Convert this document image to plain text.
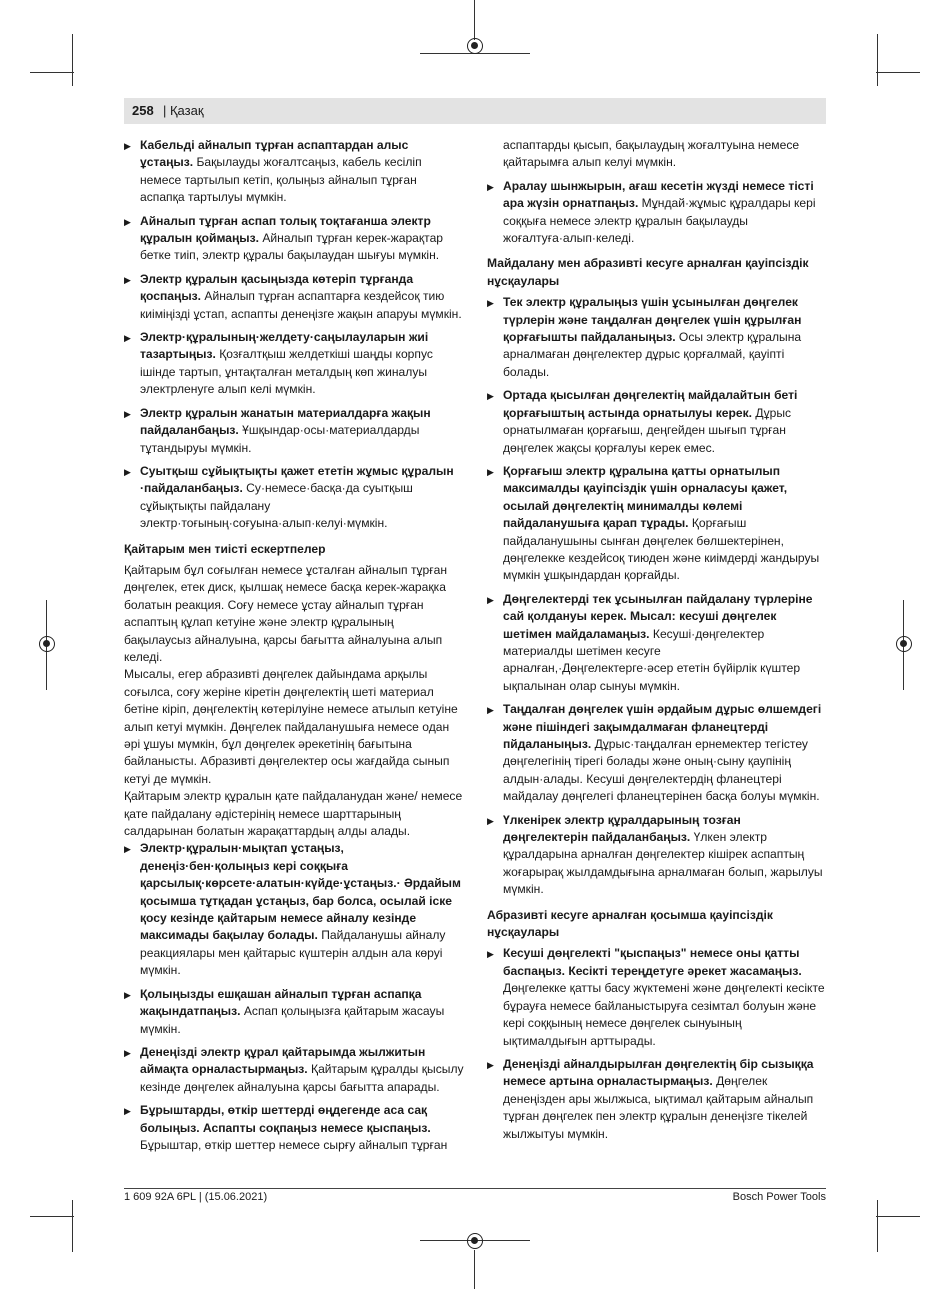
258 | Қазақ
▶ Кабельді айналып тұрған аспаптардан алыс ұстаңыз. Бақылауды жоғалтсаңыз, кабель кесіліп немесе тартылып кетіп, қолыңыз айналып тұрған аспапқа тартылуы мүмкін.
▶ Айналып тұрған аспап толық тоқтағанша электр құралын қоймаңыз. Айналып тұрған керек-жарақтар бетке тиіп, электр құралы бақылаудан шығуы мүмкін.
▶ Электр құралын қасыңызда көтеріп тұрғанда қоспаңыз. Айналып тұрған аспаптарға кездейсоқ тию киіміңізді ұстап, аспапты денеңізге жақын апаруы мүмкін.
▶ Электр·құралының·желдету·саңылауларын жиі тазартыңыз. Қозғалтқыш желдеткіші шаңды корпус ішінде тартып, ұнтақталған металдың көп жиналуы электрленуге алып келі мүмкін.
▶ Электр құралын жанатын материалдарға жақын пайдаланбаңыз. Ұшқындар·осы·материалдарды тұтандыруы мүмкін.
▶ Суытқыш сұйықтықты қажет ететін жұмыс құралын ·пайдаланбаңыз. Су·немесе·басқа·да суытқыш сұйықтықты пайдалану электр·тоғының·соғуына·алып·келуі·мүмкін.
Қайтарым мен тиісті ескертпелер

Қайтарым бұл соғылған немесе ұсталған айналып тұрған дөңгелек, етек диск, қылшақ немесе басқа керек-жарақка болатын реакция. Соғу немесе ұстау айналып тұрған аспаптың құлап кетуіне және электр құралының бақылаусыз айналуына, қарсы бағытта айналуына алып келеді.

Мысалы, егер абразивті дөңгелек дайындама арқылы соғылса, соғу жеріне кіретін дөңгелектің шеті материал бетіне кіріп, дөңгелектің көтерілуіне немесе атылып кетуіне алып кетуі мүмкін. Дөңгелек пайдаланушыға немесе одан әрі ұшуы мүмкін, бұл дөңгелек әрекетінің бағытына байланысты. Абразивті дөңгелектер осы жағдайда сынып кетуі де мүмкін.

Қайтарым электр құралын қате пайдаланудан және/ немесе қате пайдалану әдістерінің немесе шарттарының салдарынан болатын жарақаттардың алды алады.

▶ Электр·құралын·мықтап ұстаңыз, денеңіз·бен·қолыңыз кері соққыға қарсылық·көрсете·алатын·күйде·ұстаңыз.· Әрдайым қосымша тұтқадан ұстаңыз, бар болса, осылай іске қосу кезінде қайтарым немесе айналу кезінде максимады бақылау болады. Пайдаланушы айналу реакциялары мен қайтарыс күштерін алдын ала көруі мүмкін.
▶ Қолыңызды ешқашан айналып тұрған аспапқа жақындатпаңыз. Аспап қолыңызға қайтарым жасауы мүмкін.
▶ Денеңізді электр құрал қайтарымда жылжитын аймақта орналастырмаңыз. Қайтарым құралды қысылу кезінде дөңгелек айналуына қарсы бағытта апарады.
▶ Бұрыштарды, өткір шеттерді өңдегенде аса сақ болыңыз. Аспапты соқпаңыз немесе қыспаңыз. Бұрыштар, өткір шеттер немесе сырғу айналып тұрған
аспаптарды қысып, бақылаудың жоғалтуына немесе қайтарымға алып келуі мүмкін.
▶ Аралау шынжырын, ағаш кесетін жүзді немесе тісті ара жүзін орнатпаңыз. Мұндай·жұмыс құралдары кері соққыға немесе электр құралын бақылауды жоғалтуға·алып·келеді.
Майдалану мен абразивті кесуге арналған қауіпсіздік нұсқаулары
▶ Тек электр құралыңыз үшін ұсынылған дөңгелек түрлерін және таңдалған дөңгелек үшін құрылған қорғағышты пайдаланыңыз. Осы электр құралына арналмаған дөңгелектер дұрыс қорғалмай, қауіпті болады.
▶ Ортада қысылған дөңгелектің майдалайтын беті қорғағыштың астында орнатылуы керек. Дұрыс орнатылмаған қорғағыш, деңгейден шығып тұрған дөңгелек жақсы қорғалуы керек емес.
▶ Қорғағыш электр құралына қатты орнатылып максималды қауіпсіздік үшін орналасуы қажет, осылай дөңгелектің минималды көлемі пайдаланушыға қарап тұрады. Қорғағыш пайдаланушыны сынған дөңгелек бөлшектерінен, дөңгелекке кездейсоқ тиюден және киімдерді жандыруы мүмкін ұшқындардан қорғайды.
▶ Дөңгелектерді тек ұсынылған пайдалану түрлеріне сай қолдануы керек. Мысал: кесуші дөңгелек шетімен майдаламаңыз. Кесуші·дөңгелектер материалды шетімен кесуге арналған,·Дөңгелектерге·әсер ететін бүйірлік күштер ықпалынан олар сынуы мүмкін.
▶ Таңдалған дөңгелек үшін әрдайым дұрыс өлшемдегі және пішіндегі зақымдалмаған фланецтерді пйдаланыңыз. Дұрыс·таңдалған ернемектер тегістеу дөңгелегінің тірегі болады және оның·сыну қаупінің алдын·алады. Кесуші дөңгелектердің фланецтері майдалау дөңгелегі фланецтерінен басқа болуы мүмкін.
▶ Үлкенірек электр құралдарының тозған дөңгелектерін пайдаланбаңыз. Үлкен электр құралдарына арналған дөңгелектер кішірек аспаптың жоғарырақ жылдамдығына арналмаған болып, жарылуы мүмкін.
Абразивті кесуге арналған қосымша қауіпсіздік нұсқаулары
▶ Кесуші дөңгелекті "қыспаңыз" немесе оны қатты баспаңыз. Кесікті тереңдетуге әрекет жасамаңыз. Дөңгелекке қатты басу жүктемені және дөңгелекті кесікте бұрауға немесе байланыстыруға сезімтал болуын және кері соққының немесе дөңгелек сынуының ықтималдығын арттырады.
▶ Денеңізді айналдырылған дөңгелектің бір сызыққа немесе артына орналастырмаңыз. Дөңгелек денеңізден ары жылжыса, ықтимал қайтарым айналып тұрған дөңгелек пен электр құралын денеңізге тікелей жылжытуы мүмкін.
1 609 92A 6PL | (15.06.2021)	Bosch Power Tools
